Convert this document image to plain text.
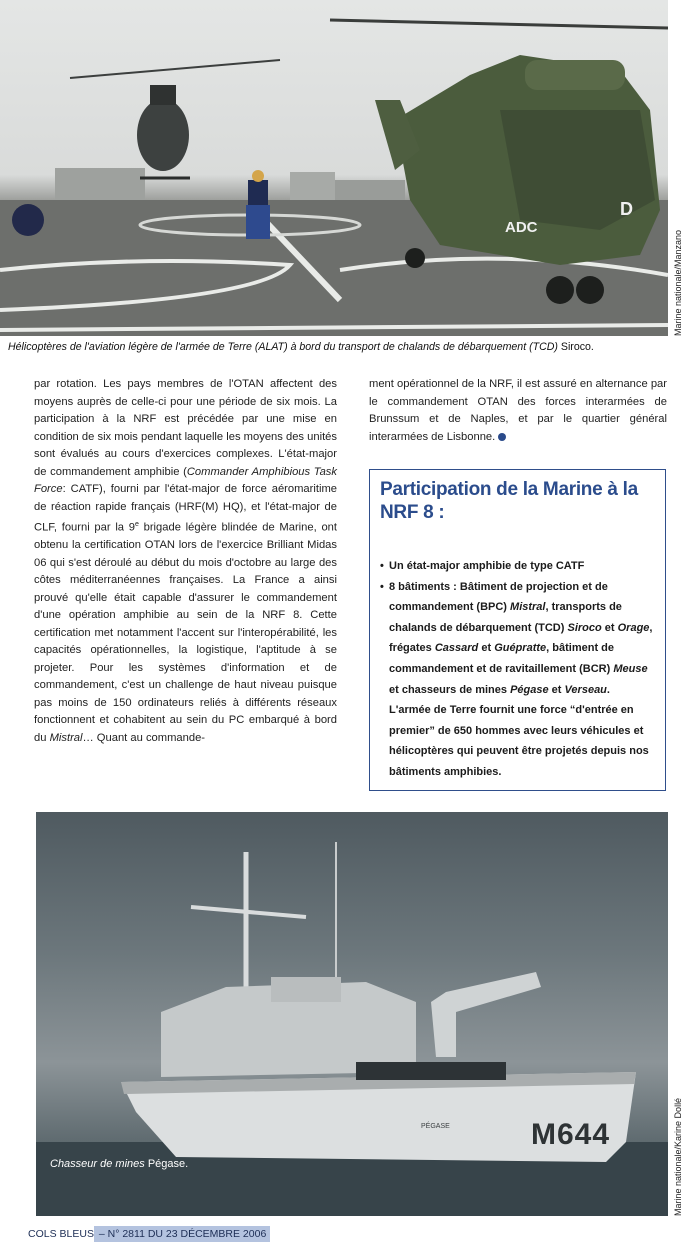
ADC
D
Marine nationale/Manzano
Hélicoptères de l'aviation légère de l'armée de Terre (ALAT) à bord du transport de chalands de débarquement (TCD) Siroco.

par rotation. Les pays membres de l'OTAN affectent des moyens auprès de celle-ci pour une période de six mois. La participation à la NRF est précédée par une mise en condition de six mois pendant laquelle les moyens des unités sont évalués au cours d'exercices complexes. L'état-major de commandement amphibie (Commander Amphibious Task Force: CATF), fourni par l'état-major de force aéromaritime de réaction rapide français (HRF(M) HQ), et l'état-major de CLF, fourni par la 9e brigade légère blindée de Marine, ont obtenu la certification OTAN lors de l'exercice Brilliant Midas 06 qui s'est déroulé au début du mois d'octobre au large des côtes méditerranéennes françaises. La France a ainsi prouvé qu'elle était capable d'assurer le commandement d'une opération amphibie au sein de la NRF 8. Cette certification met notamment l'accent sur l'interopérabilité, les capacités opérationnelles, la logistique, l'aptitude à se projeter. Pour les systèmes d'information et de commandement, c'est un challenge de haut niveau puisque pas moins de 150 ordinateurs reliés à différents réseaux fonctionnent et cohabitent au sein du PC embarqué à bord du Mistral… Quant au commande-

ment opérationnel de la NRF, il est assuré en alternance par le commandement OTAN des forces interarmées de Brunssum et de Naples, et par le quartier général interarmées de Lisbonne.

Participation de la Marine à la NRF 8 :
• Un état-major amphibie de type CATF
• 8 bâtiments : Bâtiment de projection et de commandement (BPC) Mistral, transports de chalands de débarquement (TCD) Siroco et Orage, frégates Cassard et Guépratte, bâtiment de commandement et de ravitaillement (BCR) Meuse et chasseurs de mines Pégase et Verseau.
L'armée de Terre fournit une force “d'entrée en premier” de 650 hommes avec leurs véhicules et hélicoptères qui peuvent être projetés depuis nos bâtiments amphibies.
M644
PÉGASE
Chasseur de mines Pégase.	Marine nationale/Karine Dollé
COLS BLEUS – N° 2811 DU 23 DÉCEMBRE 2006
